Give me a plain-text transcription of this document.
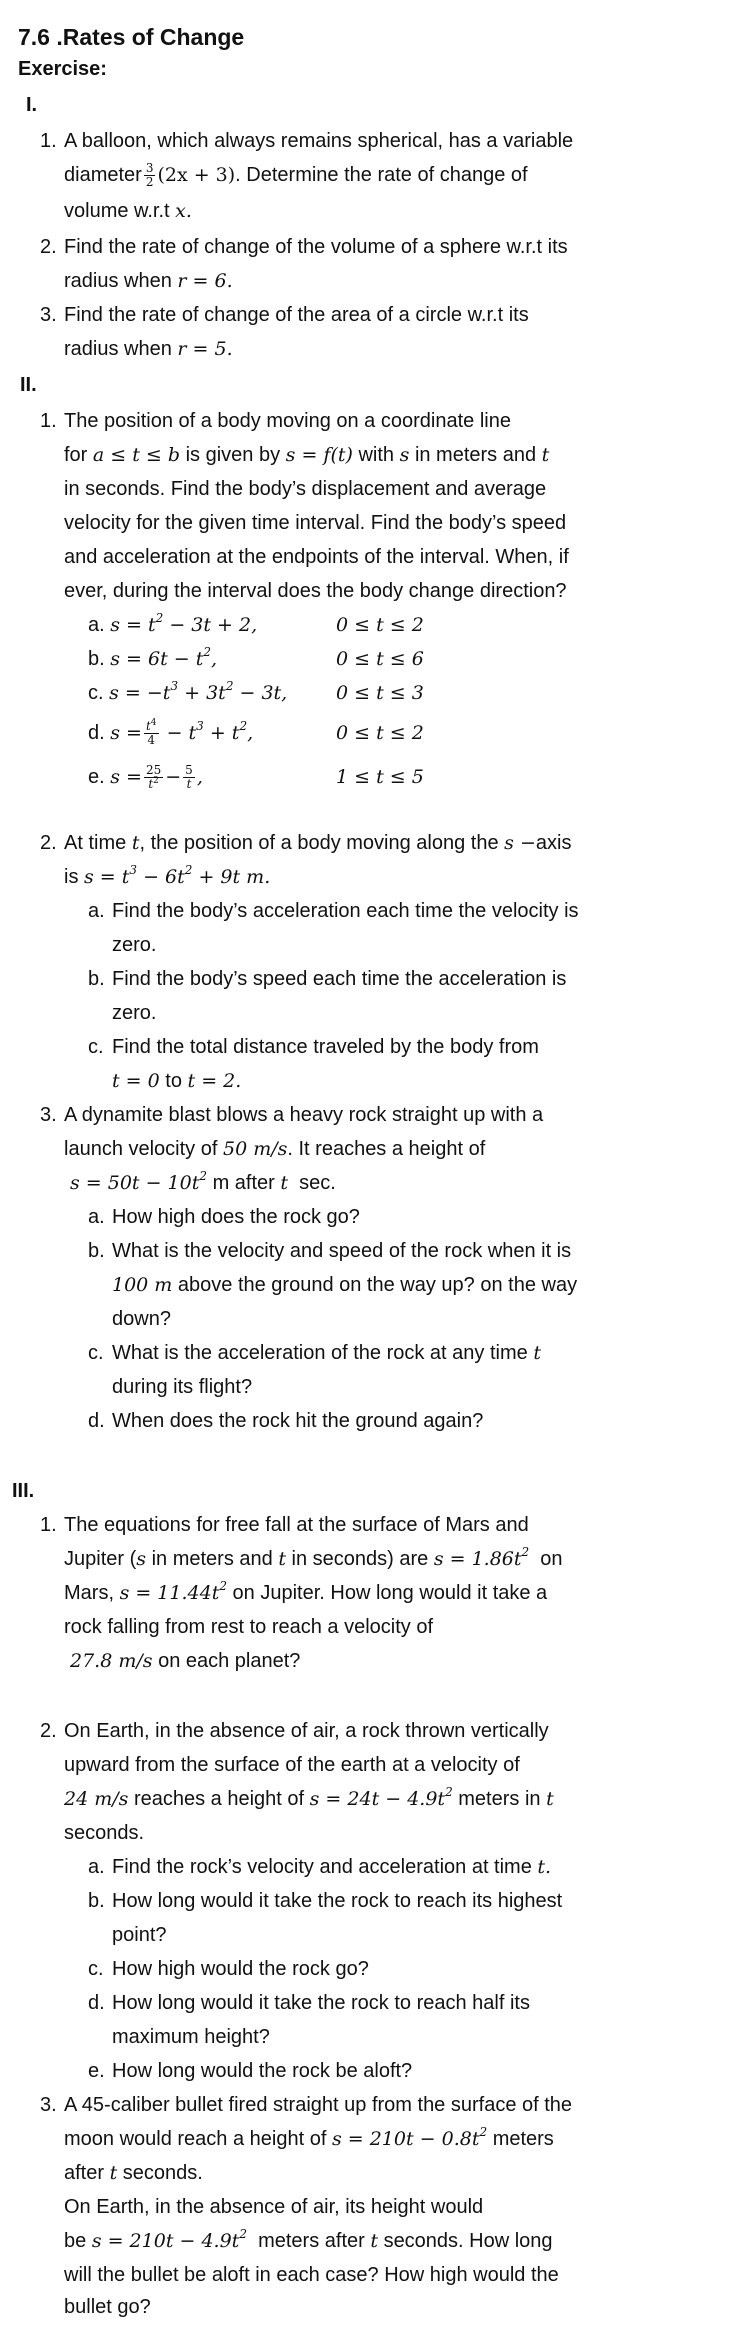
7.6 .Rates of Change
Exercise:
I.
1. A balloon, which always remains spherical, has a variable
diameter $\frac{3}{2} (2x + 3)$. Determine the rate of change of
volume w.r.t x.
2. Find the rate of change of the volume of a sphere w.r.t its
radius when r = 6.
3. Find the rate of change of the area of a circle w.r.t its
radius when r = 5.
II.
1. The position of a body moving on a coordinate line
for a ≤ t ≤ b is given by s = f(t) with s in meters and t
in seconds. Find the body’s displacement and average
velocity for the given time interval. Find the body’s speed
and acceleration at the endpoints of the interval. When, if
ever, during the interval does the body change direction?
a. $s = t^2 - 3t + 2$,	0 ≤ t ≤ 2
b. $s = 6t - t^2$,	0 ≤ t ≤ 6
c. $s = -t^3 + 3t^2 - 3t$,	0 ≤ t ≤ 3
d. $s = \frac{t^4}{4} - t^3 + t^2$,	0 ≤ t ≤ 2
e. $s = \frac{25}{t^2} - \frac{5}{t}$ ,	1 ≤ t ≤ 5
2. At time t, the position of a body moving along the s −axis
is $s = t^3 - 6t^2 + 9t$ m.
a. Find the body’s acceleration each time the velocity is
zero.
b. Find the body’s speed each time the acceleration is
zero.
c. Find the total distance traveled by the body from
t = 0 to t = 2.
3. A dynamite blast blows a heavy rock straight up with a
launch velocity of 50 m/s. It reaches a height of
$s = 50t - 10t^2$ m after t sec.
a. How high does the rock go?
b. What is the velocity and speed of the rock when it is
100 m above the ground on the way up? on the way
down?
c. What is the acceleration of the rock at any time t
during its flight?
d. When does the rock hit the ground again?
III.
1. The equations for free fall at the surface of Mars and
Jupiter (s in meters and t in seconds) are $s = 1.86t^2$ on
Mars, $s = 11.44t^2$ on Jupiter. How long would it take a
rock falling from rest to reach a velocity of
27.8 m/s on each planet?
2. On Earth, in the absence of air, a rock thrown vertically
upward from the surface of the earth at a velocity of
24 m/s reaches a height of $s = 24t - 4.9t^2$ meters in t
seconds.
a. Find the rock’s velocity and acceleration at time t.
b. How long would it take the rock to reach its highest
point?
c. How high would the rock go?
d. How long would it take the rock to reach half its
maximum height?
e. How long would the rock be aloft?
3. A 45-caliber bullet fired straight up from the surface of the
moon would reach a height of $s = 210t - 0.8t^2$ meters
after t seconds.
On Earth, in the absence of air, its height would
be $s = 210t - 4.9t^2$ meters after t seconds. How long
will the bullet be aloft in each case? How high would the
bullet go?
